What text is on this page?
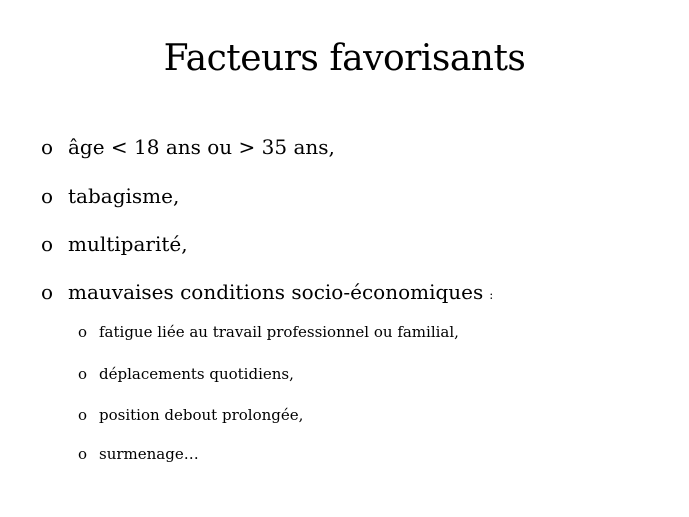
Facteurs favorisants
o âge < 18 ans ou > 35 ans,
o tabagisme,
o multiparité,
o mauvaises conditions socio-économiques :
o fatigue liée au travail professionnel ou familial,
o déplacements quotidiens,
o position debout prolongée,
o surmenage…
